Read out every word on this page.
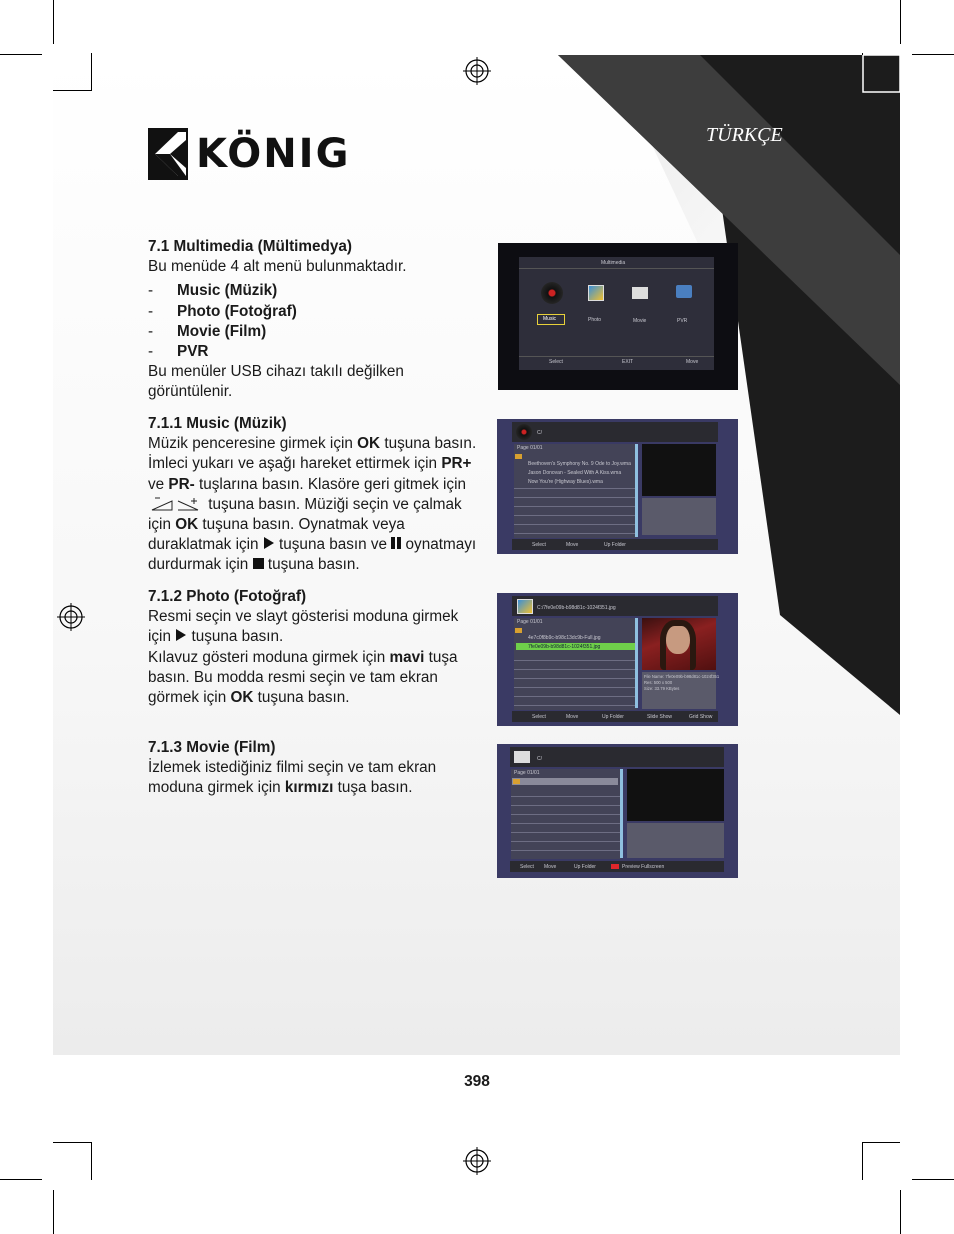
TÜRKÇE
KÖNIG

7.1 Multimedia (Mültimedya)

Bu menüde 4 alt menü bulunmaktadır.

- Music (Müzik)
- Photo (Fotoğraf)
- Movie (Film)
- PVR

Bu menüler USB cihazı takılı değilken görüntülenir.

7.1.1 Music (Müzik)

Müzik penceresine girmek için OK tuşuna basın. İmleci yukarı ve aşağı hareket ettirmek için PR+ ve PR- tuşlarına basın. Klasöre geri gitmek için  tuşuna basın. Müziği seçin ve çalmak için OK tuşuna basın. Oynatmak veya duraklatmak için  tuşuna basın ve  oynatmayı durdurmak için  tuşuna basın.

7.1.2 Photo (Fotoğraf)

Resmi seçin ve slayt gösterisi moduna girmek için  tuşuna basın.

Kılavuz gösteri moduna girmek için mavi tuşa basın. Bu modda resmi seçin ve tam ekran görmek için OK tuşuna basın.

7.1.3 Movie (Film)

İzlemek istediğiniz filmi seçin ve tam ekran moduna girmek için kırmızı tuşa basın.

Multimedia
Music	Photo	Movie	PVR
Select	EXIT	Move
C/
Page 01/01
Beethoven's Symphony No. 9 Ode to Joy.wma
Jason Donovan - Sealed With A Kiss.wma
Now You're (Highway Blues).wma
Select	Move	Up Folder
C:/7fe0e09b-b98d81c-1024f351.jpg
Page 01/01
4e7c0f8b9c-b98c13dc9b-Full.jpg
7fe0e09b-b98d81c-1024f351.jpg
File Name: 7fe0e09b-b98d81c-1024f351
Res: 500 x 500
Size: 33.79 KBytes
Select	Move	Up Folder	Slide Show	Grid Show
C/
Page 01/01
Select Move	Up Folder	Preview Fullscreen
398
